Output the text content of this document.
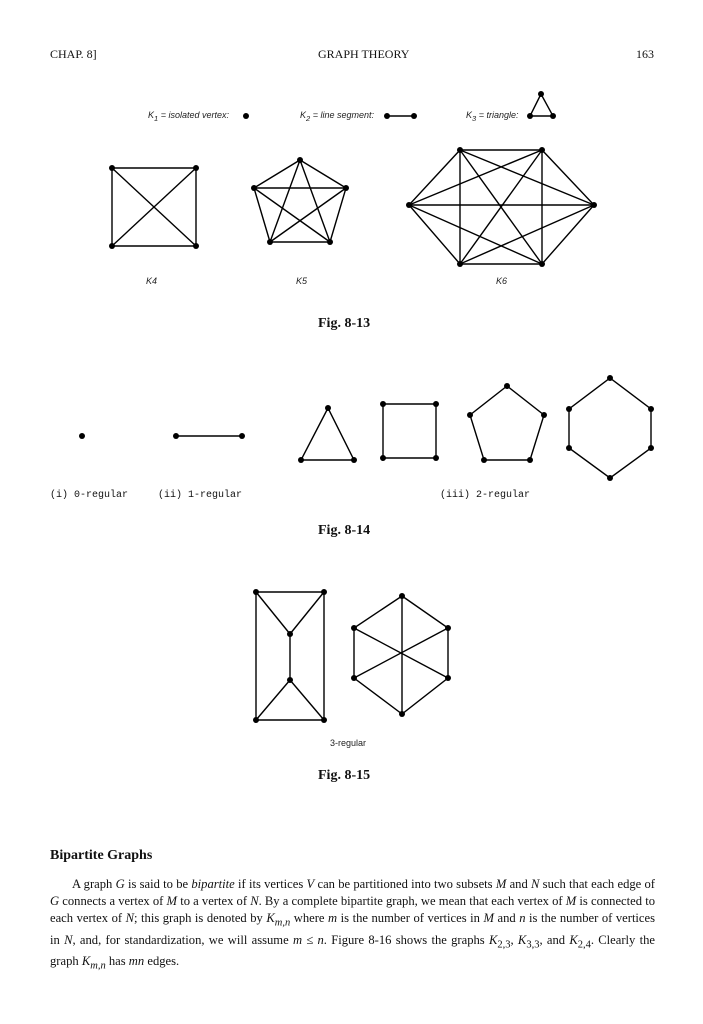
CHAP. 8]	GRAPH THEORY	163
$K_1$ = isolated vertex:	$K_2$ = line segment:	$K_3$ = triangle:
K4	K5	K6
Fig. 8-13
(i) 0-regular	(ii) 1-regular	(iii) 2-regular
Fig. 8-14
3-regular
Fig. 8-15
Bipartite Graphs

A graph G is said to be bipartite if its vertices V can be partitioned into two subsets M and N such that each edge of G connects a vertex of M to a vertex of N. By a complete bipartite graph, we mean that each vertex of M is connected to each vertex of N; this graph is denoted by $K_{m,n}$ where m is the number of vertices in M and n is the number of vertices in N, and, for standardization, we will assume m ≤ n. Figure 8-16 shows the graphs $K_{2,3}$, $K_{3,3}$, and $K_{2,4}$. Clearly the graph $K_{m,n}$ has mn edges.
